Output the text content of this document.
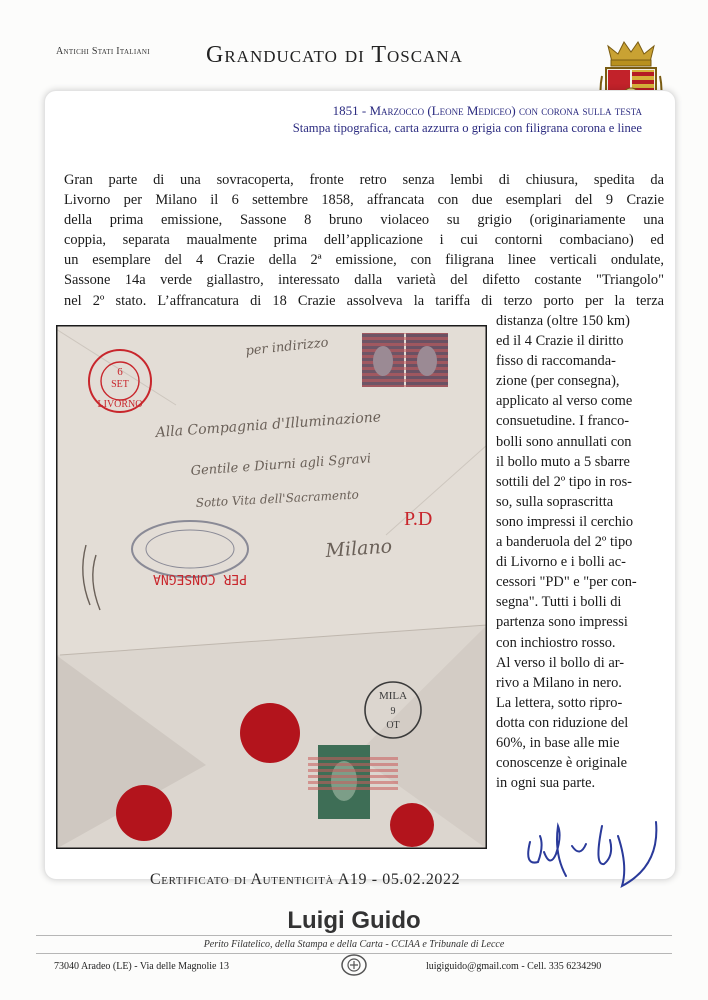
Antichi Stati Italiani Granducato di Toscana
1851 - Marzocco (Leone Mediceo) con corona sulla testa
Stampa tipografica, carta azzurra o grigia con filigrana corona e linee
Gran parte di una sovracoperta, fronte retro senza lembi di chiusura, spedita da
Livorno per Milano il 6 settembre 1858, affrancata con due esemplari del 9 Crazie
della prima emissione, Sassone 8 bruno violaceo su grigio (originariamente una
coppia, separata maualmente prima dell’applicazione i cui contorni combaciano) ed
un esemplare del 4 Crazie della 2ª emissione, con filigrana linee verticali ondulate,
Sassone 14a verde giallastro, interessato dalla varietà del difetto costante "Triangolo"
nel 2º stato. L’affrancatura di 18 Crazie assolveva la tariffa di terzo porto per la terza
distanza (oltre 150 km)
ed il 4 Crazie il diritto
fisso di raccomanda-
zione (per consegna),
applicato al verso come
consuetudine. I franco-
bolli sono annullati con
il bollo muto a 5 sbarre
sottili del 2º tipo in ros-
so, sulla soprascritta
sono impressi il cerchio
a banderuola del 2º tipo
di Livorno e i bolli ac-
cessori "PD" e "per con-
segna". Tutti i bolli di
partenza sono impressi
con inchiostro rosso.
Al verso il bollo di ar-
rivo a Milano in nero.
La lettera, sotto ripro-
dotta con riduzione del
60%, in base alle mie
conoscenze è originale
in ogni sua parte.
6
SET
LIVORNO
per indirizzo
Alla Compagnia d'Illuminazione
Gentile e Diurni agli Sgravi
Sotto Vita dell'Sacramento
Milano
P.D
PER CONSEGNA
MILA
9
OT
Certificato di Autenticità A19 - 05.02.2022
Luigi Guido
Perito Filatelico, della Stampa e della Carta - CCIAA e Tribunale di Lecce
73040 Aradeo (LE) - Via delle Magnolie 13	luigiguido@gmail.com - Cell. 335 6234290
